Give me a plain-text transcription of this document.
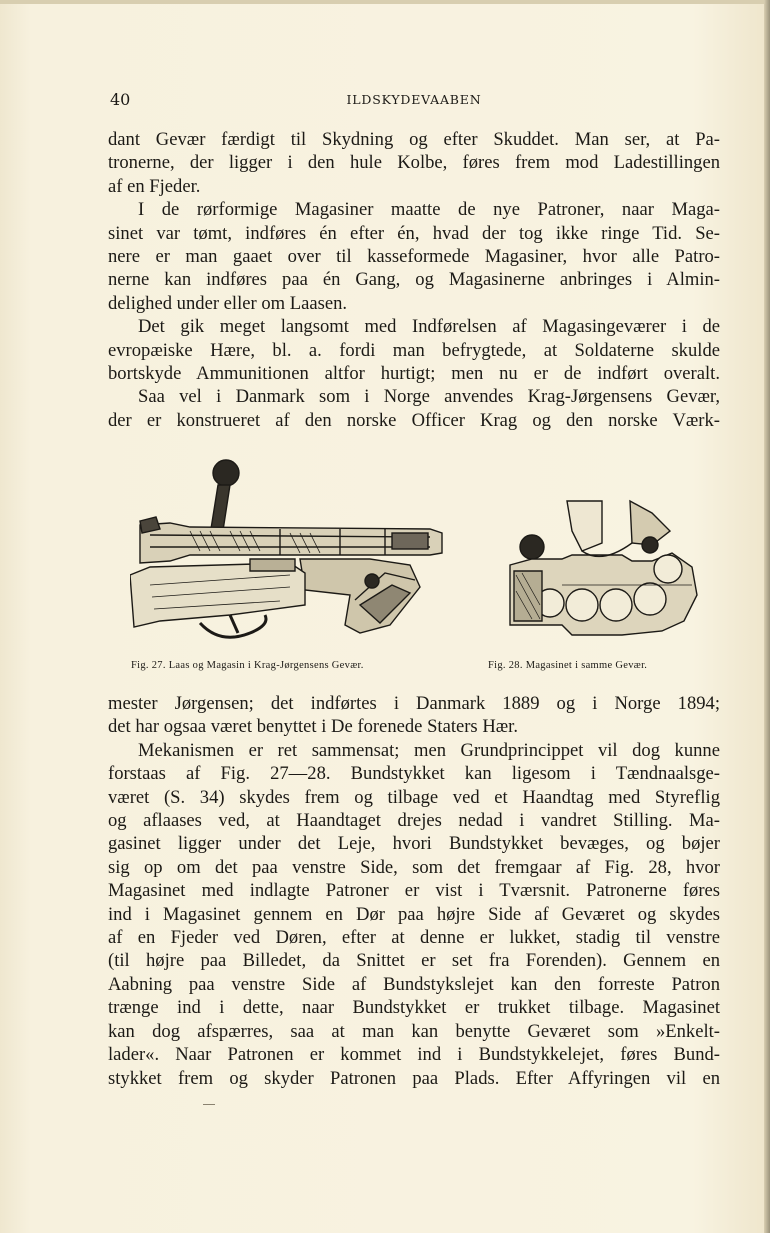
40	ILDSKYDEVAABEN
dant Gevær færdigt til Skydning og efter Skuddet. Man ser, at Pa-
tronerne, der ligger i den hule Kolbe, føres frem mod Ladestillingen
af en Fjeder.
I de rørformige Magasiner maatte de nye Patroner, naar Maga-
sinet var tømt, indføres én efter én, hvad der tog ikke ringe Tid. Se-
nere er man gaaet over til kasseformede Magasiner, hvor alle Patro-
nerne kan indføres paa én Gang, og Magasinerne anbringes i Almin-
delighed under eller om Laasen.
Det gik meget langsomt med Indførelsen af Magasingeværer i de
evropæiske Hære, bl. a. fordi man befrygtede, at Soldaterne skulde
bortskyde Ammunitionen altfor hurtigt; men nu er de indført overalt.
Saa vel i Danmark som i Norge anvendes Krag-Jørgensens Gevær,
der er konstrueret af den norske Officer Krag og den norske Værk-
Fig. 27. Laas og Magasin i Krag-Jørgensens Gevær.	Fig. 28. Magasinet i samme Gevær.
mester Jørgensen; det indførtes i Danmark 1889 og i Norge 1894;
det har ogsaa været benyttet i De forenede Staters Hær.
Mekanismen er ret sammensat; men Grundprincippet vil dog kunne
forstaas af Fig. 27—28. Bundstykket kan ligesom i Tændnaalsge-
været (S. 34) skydes frem og tilbage ved et Haandtag med Styreflig
og aflaases ved, at Haandtaget drejes nedad i vandret Stilling. Ma-
gasinet ligger under det Leje, hvori Bundstykket bevæges, og bøjer
sig op om det paa venstre Side, som det fremgaar af Fig. 28, hvor
Magasinet med indlagte Patroner er vist i Tværsnit. Patronerne føres
ind i Magasinet gennem en Dør paa højre Side af Geværet og skydes
af en Fjeder ved Døren, efter at denne er lukket, stadig til venstre
(til højre paa Billedet, da Snittet er set fra Forenden). Gennem en
Aabning paa venstre Side af Bundstykslejet kan den forreste Patron
trænge ind i dette, naar Bundstykket er trukket tilbage. Magasinet
kan dog afspærres, saa at man kan benytte Geværet som »Enkelt-
lader«. Naar Patronen er kommet ind i Bundstykkelejet, føres Bund-
stykket frem og skyder Patronen paa Plads. Efter Affyringen vil en
